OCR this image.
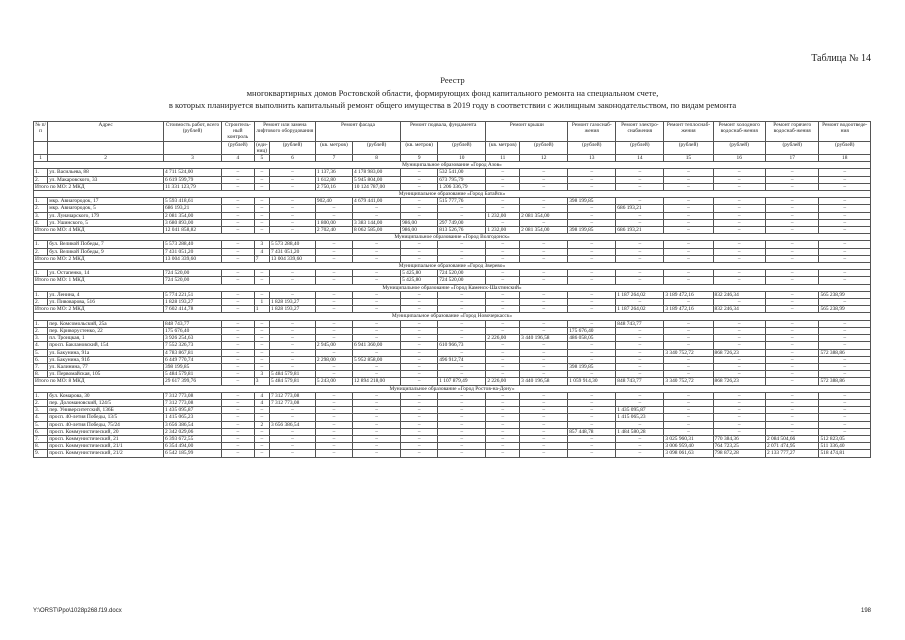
Таблица № 14
Реестр
многоквартирных домов Ростовской области, формирующих фонд капитального ремонта на специальном счете,
в которых планируется выполнить капитальный ремонт общего имущества в 2019 году в соответствии с жилищным законодательством, по видам ремонта
№ п/п	Адрес	Стоимость работ, всего (рублей)	Строитель-ный контроль	Ремонт или замена лифтового оборудования		Ремонт фасада		Ремонт подвала, фундамента		Ремонт крыши		Ремонт газоснаб-жения	Ремонт электро-снабжения	Ремонт теплоснаб-жения	Ремонт холодного водоснаб-жения	Ремонт горячего водоснаб-жения	Ремонт водоотведе-ния
			(рублей)	(еди-ниц)	(рублей)	(кв. метров)	(рублей)	(кв. метров)	(рублей)	(кв. метров)	(рублей)	(рублей)	(рублей)	(рублей)	(рублей)	(рублей)	(рублей)
1	2	3	4	5	6	7	8	9	10	11	12	13	14	15	16	17	18
Муниципальное образование «Город Азов»																	
1.	ул. Васильева, 88	4 711 524,00	–	–	–	1 137,36	4 178 983,00	–	532 541,00	–	–	–	–	–	–	–	–
2.	ул. Макаровского, 33	6 619 599,79	–	–	–	1 612,80	5 945 804,00	–	673 795,79	–	–	–	–	–	–	–	–
Итого по МО: 2 МКД		11 331 123,79	–	–	–	2 750,16	10 124 787,00	–	1 206 336,79	–	–	–	–	–	–	–	–
Муниципальное образование «Город Батайск»																	
1.	мкр. Авиагородок, 17	5 593 418,61	–	–	–	902,40	4 679 441,00	–	515 777,76	–	–	398 199,85	–	–	–	–	–
2.	мкр. Авиагородок, 5	686 193,21	–	–	–	–	–	–	–	–	–	–	686 193,21	–	–	–	–
3.	ул. Луначарского, 179	2 081 354,00	–	–	–	–	–	–	–	1 232,00	2 081 354,00	–	–	–	–	–	–
4.	ул. Ушинского, 5	3 680 893,00	–	–	–	1 800,00	3 383 144,00	986,00	297 749,00	–	–	–	–	–	–	–	–
Итого по МО: 4 МКД		12 041 858,82	–	–	–	2 702,40	8 062 585,00	986,00	813 526,76	1 232,00	2 081 354,00	398 199,85	686 193,21	–	–	–	–
Муниципальное образование «Город Волгодонск»																	
1.	бул. Великой Победы, 7	5 573 288,40	–	3	5 573 288,40	–	–	–	–	–	–	–	–	–	–	–	–
2.	бул. Великой Победы, 9	7 431 051,20	–	4	7 431 051,20	–	–	–	–	–	–	–	–	–	–	–	–
Итого по МО: 2 МКД		13 004 339,60	–	7	13 004 339,60	–	–	–	–	–	–	–	–	–	–	–	–
Муниципальное образование «Город Зверево»																	
1.	ул. Остапенко, 14	724 520,00	–	–	–	–	–	5 425,80	724 520,00	–	–	–	–	–	–	–	–
Итого по МО: 1 МКД		724 520,00	–	–	–	–	–	5 425,80	724 520,00	–	–	–	–	–	–	–	–
Муниципальное образование «Город Каменск-Шахтинский»																	
1.	ул. Ленина, 4	5 774 221,51	–	–	–	–	–	–	–	–	–	–	1 187 264,02	3 189 472,16	832 246,34	–	565 238,99
2.	ул. Пивоварова, 516	1 828 193,27	–	1	1 828 193,27	–	–	–	–	–	–	–	–	–	–	–	–
Итого по МО: 2 МКД		7 602 414,78	–	1	1 828 193,27	–	–	–	–	–	–	–	1 187 264,02	3 189 472,16	832 246,34	–	565 238,99
Муниципальное образование «Город Новочеркасск»																	
1.	пер. Комсомольский, 25а	848 743,77	–	–	–	–	–	–	–	–	–	–	848 743,77	–	–	–	–
2.	пер. Криворустенко, 22	175 676,40	–	–	–	–	–	–	–	–	–	175 676,40	–	–	–	–	–
3.	пл. Троицкая, 1	3 926 254,63	–	–	–	–	–	–	–	2 226,00	3 440 196,58	486 058,05	–	–	–	–	–
4.	просп. Баклановский, 154	7 552 326,73	–	–	–	2 945,00	6 941 360,00	–	610 966,73	–	–	–	–	–	–	–	–
5.	ул. Бакунина, 91а	4 783 867,81	–	–	–	–	–	–	–	–	–	–	–	3 340 752,72	868 726,23	–	572 388,86
6.	ул. Бакунина, 91б	6 449 770,74	–	–	–	2 298,00	5 952 858,00	–	496 912,74	–	–	–	–	–	–	–	–
7.	ул. Калинина, 77	398 199,85	–	–	–	–	–	–	–	–	–	398 199,85	–	–	–	–	–
8.	ул. Первомайская, 105	5 484 579,81	–	3	5 484 579,81	–	–	–	–	–	–	–	–	–	–	–	–
Итого по МО: 8 МКД		29 617 399,76	–	3	5 484 579,81	5 243,00	12 894 218,00	–	1 107 879,49	2 226,00	3 440 196,58	1 059 914,30	848 743,77	3 340 752,72	868 726,23	–	572 388,86
Муниципальное образование «Город Ростов-на-Дону»																	
1.	бул. Комарова, 30	7 312 773,08	–	4	7 312 773,08	–	–	–	–	–	–	–	–	–	–	–	–
2.	пер. Доломановский, 124/5	7 312 773,08	–	4	7 312 773,08	–	–	–	–	–	–	–	–	–	–	–	–
3.	пер. Университетский, 136Б	1 435 095,87	–	–	–	–	–	–	–	–	–	–	1 435 095,87	–	–	–	–
4.	просп. 40-летия Победы, 13/5	1 415 065,23	–	–	–	–	–	–	–	–	–	–	1 415 065,23	–	–	–	–
5.	просп. 40-летия Победы, 75/24	3 656 386,54	–	2	3 656 386,54	–	–	–	–	–	–	–	–	–	–	–	–
6.	просп. Коммунистический, 20	2 342 029,06	–	–	–	–	–	–	–	–	–	857 448,78	1 484 580,28	–	–	–	–
7.	просп. Коммунистический, 21	6 393 672,55	–	–	–	–	–	–	–	–	–	–	–	3 025 960,31	770 384,36	2 084 504,66	512 823,05
8.	просп. Коммунистический, 21/1	6 354 494,00	–	–	–	–	–	–	–	–	–	–	–	3 006 959,40	764 723,25	2 071 474,95	511 336,40
9.	просп. Коммунистический, 21/2	6 542 185,99	–	–	–	–	–	–	–	–	–	–	–	3 098 061,63	798 872,28	2 133 777,27	518 474,81
Y:\ORST\Ppo\1028p268.f19.docx	198
